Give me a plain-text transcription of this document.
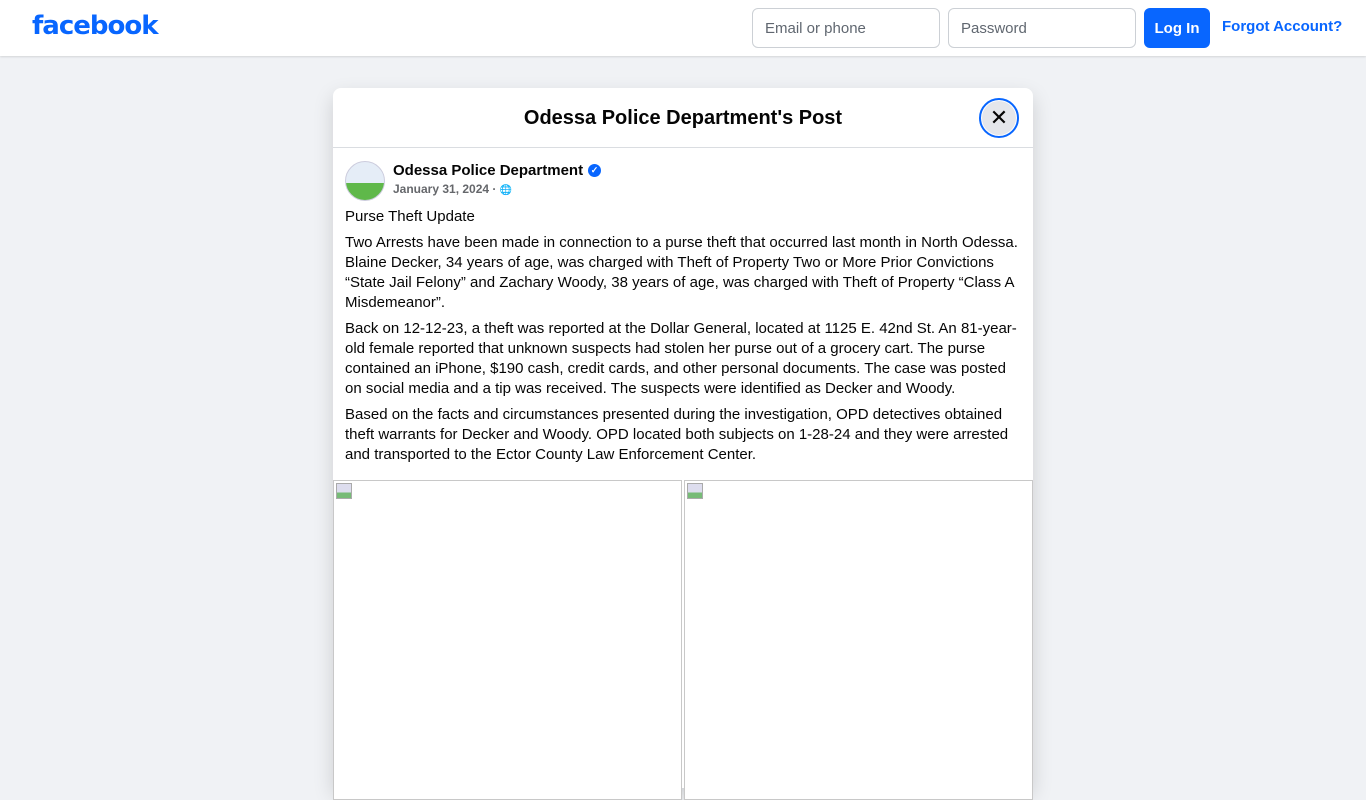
facebook
Email or phone	Log In	Forgot Account?
Odessa Police Department's Post	✕
Odessa Police Department ✓
January 31, 2024 · 🌐

Purse Theft Update

Two Arrests have been made in connection to a purse theft that occurred last month in North Odessa. Blaine Decker, 34 years of age, was charged with Theft of Property Two or More Prior Convictions “State Jail Felony” and Zachary Woody, 38 years of age, was charged with Theft of Property “Class A Misdemeanor”.

Back on 12-12-23, a theft was reported at the Dollar General, located at 1125 E. 42nd St. An 81-year-old female reported that unknown suspects had stolen her purse out of a grocery cart. The purse contained an iPhone, $190 cash, credit cards, and other personal documents. The case was posted on social media and a tip was received. The suspects were identified as Decker and Woody.

Based on the facts and circumstances presented during the investigation, OPD detectives obtained theft warrants for Decker and Woody. OPD located both subjects on 1-28-24 and they were arrested and transported to the Ector County Law Enforcement Center.
